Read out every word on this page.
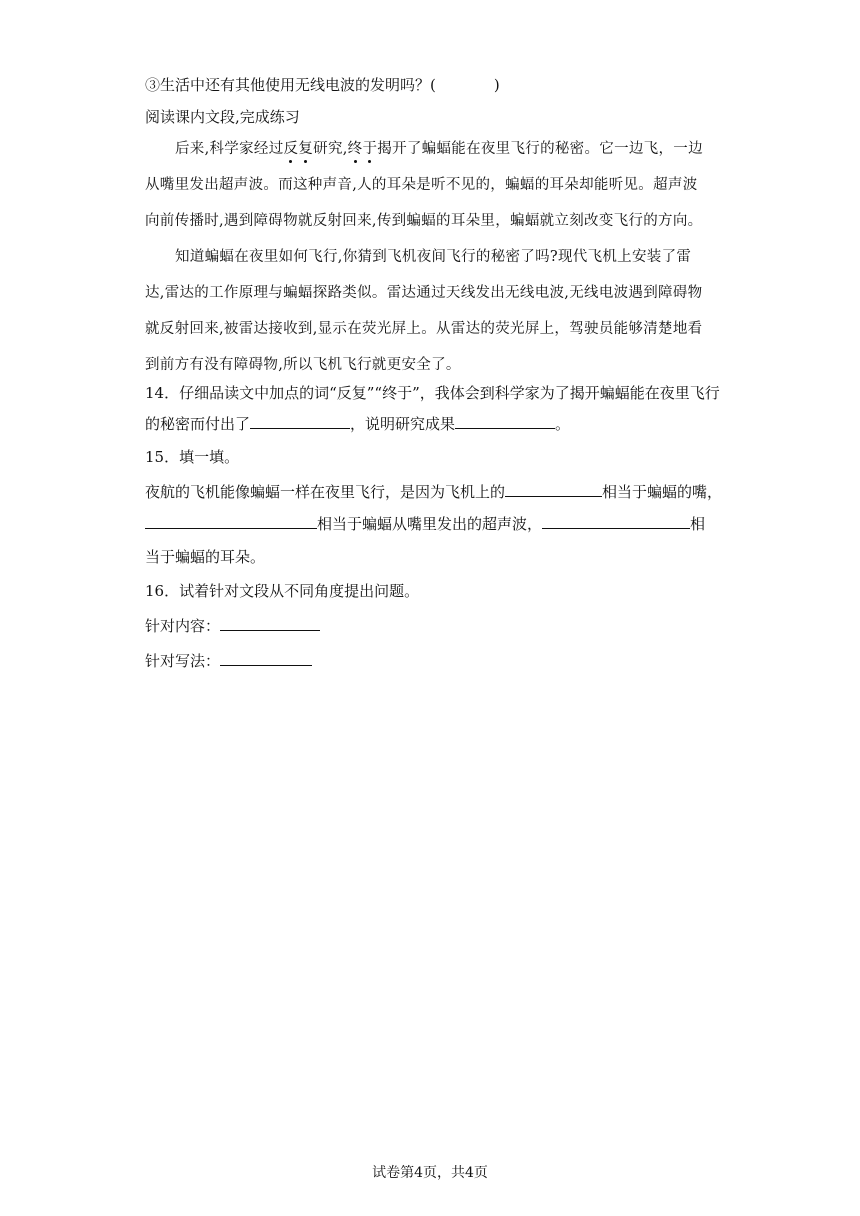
③生活中还有其他使用无线电波的发明吗？(	)
阅读课内文段,完成练习
后来,科学家经过反复研究,终于揭开了蝙蝠能在夜里飞行的秘密。它一边飞，一边
从嘴里发出超声波。而这种声音,人的耳朵是听不见的，蝙蝠的耳朵却能听见。超声波
向前传播时,遇到障碍物就反射回来,传到蝙蝠的耳朵里，蝙蝠就立刻改变飞行的方向。
知道蝙蝠在夜里如何飞行,你猜到飞机夜间飞行的秘密了吗?现代飞机上安装了雷
达,雷达的工作原理与蝙蝠探路类似。雷达通过天线发出无线电波,无线电波遇到障碍物
就反射回来,被雷达接收到,显示在荧光屏上。从雷达的荧光屏上，驾驶员能够清楚地看
到前方有没有障碍物,所以飞机飞行就更安全了。
14．仔细品读文中加点的词“反复”“终于”，我体会到科学家为了揭开蝙蝠能在夜里飞行
的秘密而付出了	，说明研究成果	。
15．填一填。
夜航的飞机能像蝙蝠一样在夜里飞行，是因为飞机上的	相当于蝙蝠的嘴，
相当于蝙蝠从嘴里发出的超声波，	相
当于蝙蝠的耳朵。
16．试着针对文段从不同角度提出问题。
针对内容：
针对写法：
试卷第4页，共4页
